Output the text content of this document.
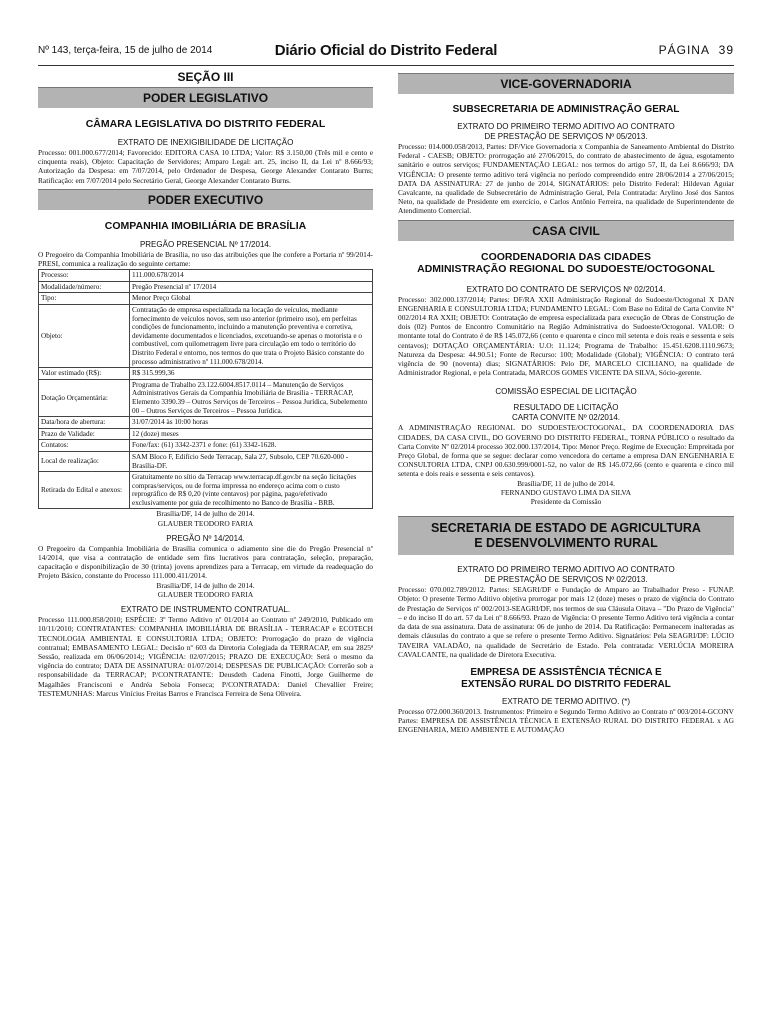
Nº 143, terça-feira, 15 de julho de 2014	Diário Oficial do Distrito Federal	PÁGINA 39
SEÇÃO III
PODER LEGISLATIVO
CÂMARA LEGISLATIVA DO DISTRITO FEDERAL

EXTRATO DE INEXIGIBILIDADE DE LICITAÇÃO

Processo: 001.000.677/2014; Favorecido: EDITORA CASA 10 LTDA; Valor: R$ 3.150,00 (Três mil e cento e cinquenta reais), Objeto: Capacitação de Servidores; Amparo Legal: art. 25, inciso II, da Lei nº 8.666/93; Autorização da Despesa: em 7/07/2014, pelo Ordenador de Despesa, George Alexander Contarato Burns; Ratificação: em 7/07/2014 pelo Secretário Geral, George Alexander Contarato Burns.

PODER EXECUTIVO
COMPANHIA IMOBILIÁRIA DE BRASÍLIA

PREGÃO PRESENCIAL Nº 17/2014.

O Pregoeiro da Companhia Imobiliária de Brasília, no uso das atribuições que lhe confere a Portaria nº 99/2014-PRESI, comunica a realização do seguinte certame:

Processo:	111.000.678/2014
Modalidade/número:	Pregão Presencial nº 17/2014
Tipo:	Menor Preço Global
Objeto:	Contratação de empresa especializada na locação de veículos, mediante fornecimento de veículos novos, sem uso anterior (primeiro uso), em perfeitas condições de funcionamento, incluindo a manutenção preventiva e corretiva, devidamente documentados e licenciados, excetuando-se apenas o motorista e o combustível, com quilometragem livre para circulação em todo o território do Distrito Federal e entorno, nos termos do que trata o Projeto Básico constante do processo administrativo nº 111.000.678/2014.
Valor estimado (R$):	R$ 315.999,36
Dotação Orçamentária:	Programa de Trabalho 23.122.6004.8517.0114 – Manutenção de Serviços Administrativos Gerais da Companhia Imobiliária de Brasília - TERRACAP, Elemento 3390.39 – Outros Serviços de Terceiros – Pessoa Jurídica, Subelemento 00 – Outros Serviços de Terceiros – Pessoa Jurídica.
Data/hora de abertura:	31/07/2014 às 10:00 horas
Prazo de Validade:	12 (doze) meses
Contatos:	Fone/fax: (61) 3342-2371 e fone: (61) 3342-1628.
Local de realização:	SAM Bloco F, Edifício Sede Terracap, Sala 27, Subsolo, CEP 70.620-000 - Brasília-DF.
Retirada do Edital e anexos:	Gratuitamente no sítio da Terracap www.terracap.df.gov.br na seção licitações compras/serviços, ou de forma impressa no endereço acima com o custo reprográfico de R$ 0,20 (vinte centavos) por página, pago/efetivado exclusivamente por guia de recolhimento no Banco de Brasília - BRB.

Brasília/DF, 14 de julho de 2014.

GLAUBER TEODORO FARIA

PREGÃO Nº 14/2014.

O Pregoeiro da Companhia Imobiliária de Brasília comunica o adiamento sine die do Pregão Presencial nº 14/2014, que visa a contratação de entidade sem fins lucrativos para contratação, seleção, preparação, capacitação e disponibilização de 30 (trinta) jovens aprendizes para a Terracap, em virtude da readequação do Projeto Básico, constante do Processo 111.000.411/2014.

Brasília/DF, 14 de julho de 2014.

GLAUBER TEODORO FARIA

EXTRATO DE INSTRUMENTO CONTRATUAL.

Processo 111.000.858/2010; ESPÉCIE: 3º Termo Aditivo nº 01/2014 ao Contrato nº 249/2010, Publicado em 10/11/2010; CONTRATANTES: COMPANHIA IMOBILIÁRIA DE BRASÍLIA - TERRACAP e ECOTECH TECNOLOGIA AMBIENTAL E CONSULTORIA LTDA; OBJETO: Prorrogação do prazo de vigência contratual; EMBASAMENTO LEGAL: Decisão nº 603 da Diretoria Colegiada da TERRACAP, em sua 2825ª Sessão, realizada em 06/06/2014;; VIGÊNCIA: 02/07/2015; PRAZO DE EXECUÇÃO: Será o mesmo da vigência do contrato; DATA DE ASSINATURA: 01/07/2014; DESPESAS DE PUBLICAÇÃO: Correrão sob a responsabilidade da TERRACAP; P/CONTRATANTE: Deusdeth Cadena Finotti, Jorge Guilherme de Magalhães Francisconi e Andréa Seboia Fonseca; P/CONTRATADA: Daniel Chevallier Freire; TESTEMUNHAS: Marcus Vinícius Freitas Barros e Francisca Ferreira de Sena Oliveira.

VICE-GOVERNADORIA
SUBSECRETARIA DE ADMINISTRAÇÃO GERAL

EXTRATO DO PRIMEIRO TERMO ADITIVO AO CONTRATO

DE PRESTAÇÃO DE SERVIÇOS Nº 05/2013.

Processo: 014.000.058/2013, Partes: DF/Vice Governadoria x Companhia de Saneamento Ambiental do Distrito Federal - CAESB; OBJETO: prorrogação até 27/06/2015, do contrato de abastecimento de água, esgotamento sanitário e outros serviços; FUNDAMENTAÇÃO LEGAL: nos termos do artigo 57, II, da Lei 8.666/93; DA VIGÊNCIA: O presente termo aditivo terá vigência no período compreendido entre 28/06/2014 a 27/06/2015; DATA DA ASSINATURA: 27 de junho de 2014, SIGNATÁRIOS: pelo Distrito Federal: Hildevan Aguiar Cavalcante, na qualidade de Subsecretário de Administração Geral, Pela Contratada: Arylino José dos Santos Neto, na qualidade de Presidente em exercício, e Carlos Antônio Ferreira, na qualidade de Superintendente de Atendimento Comercial.

CASA CIVIL
COORDENADORIA DAS CIDADES
ADMINISTRAÇÃO REGIONAL DO SUDOESTE/OCTOGONAL

EXTRATO DO CONTRATO DE SERVIÇOS Nº 02/2014.

Processo: 302.000.137/2014; Partes: DF/RA XXII Administração Regional do Sudoeste/Octogonal X DAN ENGENHARIA E CONSULTORIA LTDA; FUNDAMENTO LEGAL: Com Base no Edital de Carta Convite Nº 002/2014 RA XXII; OBJETO: Contratação de empresa especializada para execução de Obras de Construção de dois (02) Pontos de Encontro Comunitário na Região Administrativa do Sudoeste/Octogonal. VALOR: O montante total do Contrato é de R$ 145.072,66 (cento e quarenta e cinco mil setenta e dois reais e sessenta e seis centavos); DOTAÇÃO ORÇAMENTÁRIA: U.O: 11.124; Programa de Trabalho: 15.451.6208.1110.9673; Natureza da Despesa: 44.90.51; Fonte de Recurso: 100; Modalidade (Global); VIGÊNCIA: O contrato terá vigência de 90 (noventa) dias; SIGNATÁRIOS: Pelo DF, MARCELO CICILIANO, na qualidade de Administrador Regional, e pela Contratada, MARCOS GOMES VICENTE DA SILVA, Sócio-gerente.

COMISSÃO ESPECIAL DE LICITAÇÃO

RESULTADO DE LICITAÇÃO

CARTA CONVITE Nº 02/2014.

A ADMINISTRAÇÃO REGIONAL DO SUDOESTE/OCTOGONAL, DA COORDENADORIA DAS CIDADES, DA CASA CIVIL, DO GOVERNO DO DISTRITO FEDERAL, TORNA PÚBLICO o resultado da Carta Convite Nº 02/2014 processo 302.000.137/2014, Tipo: Menor Preço. Regime de Execução: Empreitada por Preço Global, de forma que se segue: declarar como vencedora do certame a empresa DAN ENGENHARIA E CONSULTORIA LTDA, CNPJ 00.630.999/0001-52, no valor de R$ 145.072,66 (cento e quarenta e cinco mil setenta e dois reais e sessenta e seis centavos).

Brasília/DF, 11 de julho de 2014.

FERNANDO GUSTAVO LIMA DA SILVA

Presidente da Comissão

SECRETARIA DE ESTADO DE AGRICULTURA
E DESENVOLVIMENTO RURAL

EXTRATO DO PRIMEIRO TERMO ADITIVO AO CONTRATO

DE PRESTAÇÃO DE SERVIÇOS Nº 02/2013.

Processo: 070.002.789/2012. Partes: SEAGRI/DF e Fundação de Amparo ao Trabalhador Preso - FUNAP. Objeto: O presente Termo Aditivo objetiva prorrogar por mais 12 (doze) meses o prazo de vigência do Contrato de Prestação de Serviços nº 002/2013-SEAGRI/DF, nos termos de sua Cláusula Oitava – "Do Prazo de Vigência" – e do inciso II do art. 57 da Lei nº 8.666/93. Prazo de Vigência: O presente Termo Aditivo terá vigência a contar da data de sua assinatura. Data de assinatura: 06 de junho de 2014. Da Ratificação: Permanecem inalteradas as demais cláusulas do contrato a que se refere o presente Termo Aditivo. Signatários: Pela SEAGRI/DF: LÚCIO TAVEIRA VALADÃO, na qualidade de Secretário de Estado. Pela contratada: VERLÚCIA MOREIRA CAVALCANTE, na qualidade de Diretora Executiva.

EMPRESA DE ASSISTÊNCIA TÉCNICA E
EXTENSÃO RURAL DO DISTRITO FEDERAL

EXTRATO DE TERMO ADITIVO. (*)

Processo 072.000.360/2013. Instrumentos: Primeiro e Segundo Termo Aditivo ao Contrato nº 003/2014-GCONV Partes: EMPRESA DE ASSISTÊNCIA TÉCNICA E EXTENSÃO RURAL DO DISTRITO FEDERAL x AG ENGENHARIA, MEIO AMBIENTE E AUTOMAÇÃO
